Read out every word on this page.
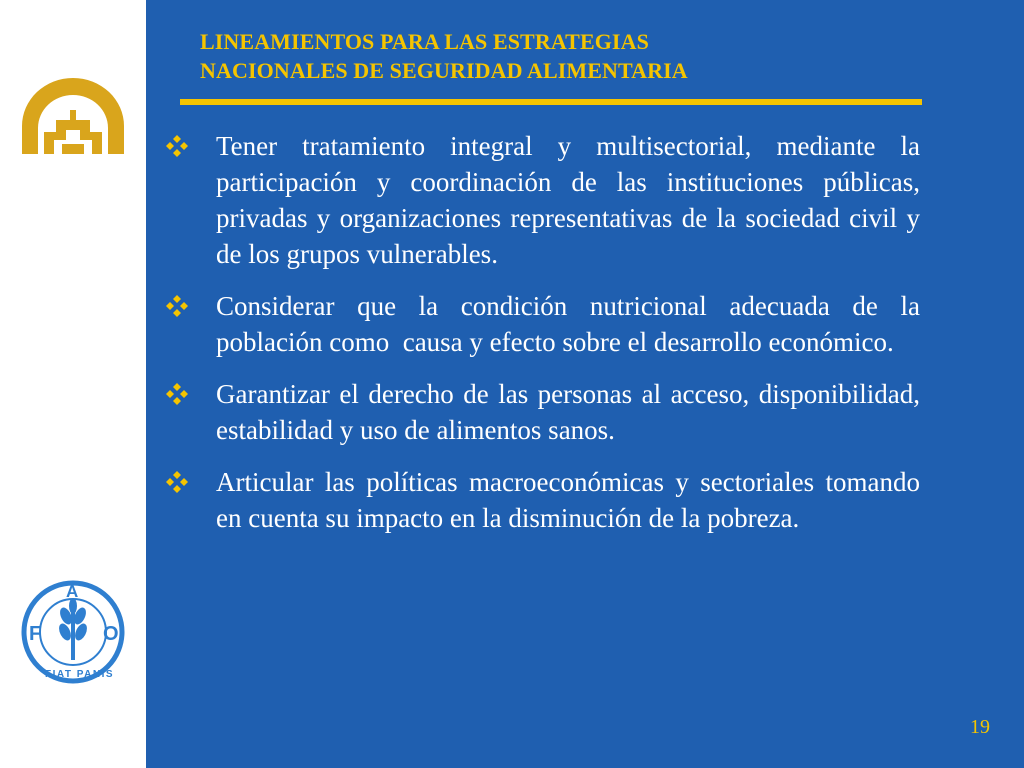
F
A
O
FIAT PANIS
LINEAMIENTOS PARA LAS ESTRATEGIAS
NACIONALES DE SEGURIDAD ALIMENTARIA
Tener tratamiento integral y multisectorial, mediante la participación y coordinación de las instituciones públicas, privadas y organizaciones representativas de la sociedad civil y de los grupos vulnerables.
Considerar que la condición nutricional adecuada de la población como  causa y efecto sobre el desarrollo económico.
Garantizar el derecho de las personas al acceso, disponibilidad, estabilidad y uso de alimentos sanos.
Articular las políticas macroeconómicas y sectoriales tomando en cuenta su impacto en la disminución de la pobreza.
19
